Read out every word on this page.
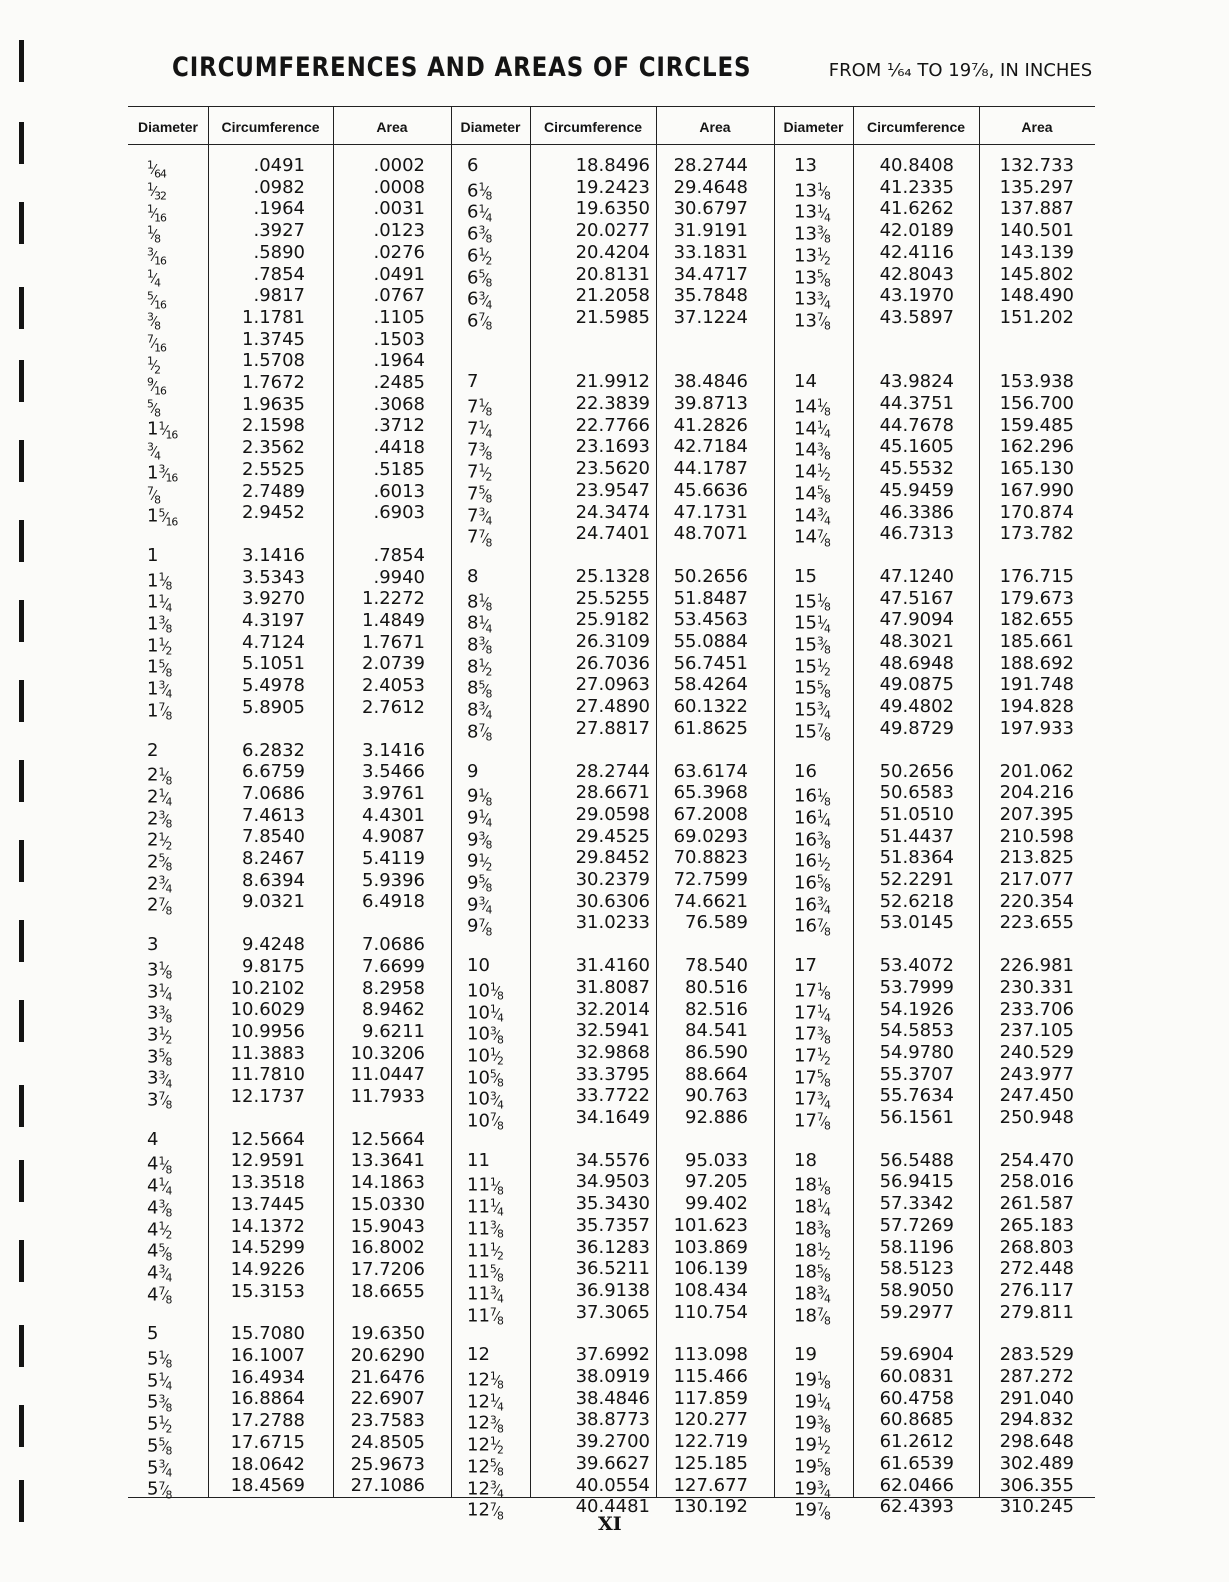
CIRCUMFERENCES AND AREAS OF CIRCLES	FROM ¹⁄₆₄ TO 19⁷⁄₈, IN INCHES
Diameter	Circumference	Area	Diameter	Circumference	Area	Diameter	Circumference	Area
$^1⁄_{64}$	.0491	.0002
$^1⁄_{32}$	.0982	.0008
$^1⁄_{16}$	.1964	.0031
$^1⁄_8$	.3927	.0123
$^3⁄_{16}$	.5890	.0276
$^1⁄_4$	.7854	.0491
$^5⁄_{16}$	.9817	.0767
$^3⁄_8$	1.1781	.1105
$^7⁄_{16}$	1.3745	.1503
$^1⁄_2$	1.5708	.1964
$^9⁄_{16}$	1.7672	.2485
$^5⁄_8$	1.9635	.3068
$1^1⁄_{16}$	2.1598	.3712
$^3⁄_4$	2.3562	.4418
$1^3⁄_{16}$	2.5525	.5185
$^7⁄_8$	2.7489	.6013
$1^5⁄_{16}$	2.9452	.6903
1	3.1416	.7854
$1^1⁄_8$	3.5343	.9940
$1^1⁄_4$	3.9270	1.2272
$1^3⁄_8$	4.3197	1.4849
$1^1⁄_2$	4.7124	1.7671
$1^5⁄_8$	5.1051	2.0739
$1^3⁄_4$	5.4978	2.4053
$1^7⁄_8$	5.8905	2.7612
2	6.2832	3.1416
$2^1⁄_8$	6.6759	3.5466
$2^1⁄_4$	7.0686	3.9761
$2^3⁄_8$	7.4613	4.4301
$2^1⁄_2$	7.8540	4.9087
$2^5⁄_8$	8.2467	5.4119
$2^3⁄_4$	8.6394	5.9396
$2^7⁄_8$	9.0321	6.4918
3	9.4248	7.0686
$3^1⁄_8$	9.8175	7.6699
$3^1⁄_4$	10.2102	8.2958
$3^3⁄_8$	10.6029	8.9462
$3^1⁄_2$	10.9956	9.6211
$3^5⁄_8$	11.3883	10.3206
$3^3⁄_4$	11.7810	11.0447
$3^7⁄_8$	12.1737	11.7933
4	12.5664	12.5664
$4^1⁄_8$	12.9591	13.3641
$4^1⁄_4$	13.3518	14.1863
$4^3⁄_8$	13.7445	15.0330
$4^1⁄_2$	14.1372	15.9043
$4^5⁄_8$	14.5299	16.8002
$4^3⁄_4$	14.9226	17.7206
$4^7⁄_8$	15.3153	18.6655
5	15.7080	19.6350
$5^1⁄_8$	16.1007	20.6290
$5^1⁄_4$	16.4934	21.6476
$5^3⁄_8$	16.8864	22.6907
$5^1⁄_2$	17.2788	23.7583
$5^5⁄_8$	17.6715	24.8505
$5^3⁄_4$	18.0642	25.9673
$5^7⁄_8$	18.4569	27.1086
6	18.8496	28.2744
$6^1⁄_8$	19.2423	29.4648
$6^1⁄_4$	19.6350	30.6797
$6^3⁄_8$	20.0277	31.9191
$6^1⁄_2$	20.4204	33.1831
$6^5⁄_8$	20.8131	34.4717
$6^3⁄_4$	21.2058	35.7848
$6^7⁄_8$	21.5985	37.1224
7	21.9912	38.4846
$7^1⁄_8$	22.3839	39.8713
$7^1⁄_4$	22.7766	41.2826
$7^3⁄_8$	23.1693	42.7184
$7^1⁄_2$	23.5620	44.1787
$7^5⁄_8$	23.9547	45.6636
$7^3⁄_4$	24.3474	47.1731
$7^7⁄_8$	24.7401	48.7071
8	25.1328	50.2656
$8^1⁄_8$	25.5255	51.8487
$8^1⁄_4$	25.9182	53.4563
$8^3⁄_8$	26.3109	55.0884
$8^1⁄_2$	26.7036	56.7451
$8^5⁄_8$	27.0963	58.4264
$8^3⁄_4$	27.4890	60.1322
$8^7⁄_8$	27.8817	61.8625
9	28.2744	63.6174
$9^1⁄_8$	28.6671	65.3968
$9^1⁄_4$	29.0598	67.2008
$9^3⁄_8$	29.4525	69.0293
$9^1⁄_2$	29.8452	70.8823
$9^5⁄_8$	30.2379	72.7599
$9^3⁄_4$	30.6306	74.6621
$9^7⁄_8$	31.0233	76.589
10	31.4160	78.540
$10^1⁄_8$	31.8087	80.516
$10^1⁄_4$	32.2014	82.516
$10^3⁄_8$	32.5941	84.541
$10^1⁄_2$	32.9868	86.590
$10^5⁄_8$	33.3795	88.664
$10^3⁄_4$	33.7722	90.763
$10^7⁄_8$	34.1649	92.886
11	34.5576	95.033
$11^1⁄_8$	34.9503	97.205
$11^1⁄_4$	35.3430	99.402
$11^3⁄_8$	35.7357	101.623
$11^1⁄_2$	36.1283	103.869
$11^5⁄_8$	36.5211	106.139
$11^3⁄_4$	36.9138	108.434
$11^7⁄_8$	37.3065	110.754
12	37.6992	113.098
$12^1⁄_8$	38.0919	115.466
$12^1⁄_4$	38.4846	117.859
$12^3⁄_8$	38.8773	120.277
$12^1⁄_2$	39.2700	122.719
$12^5⁄_8$	39.6627	125.185
$12^3⁄_4$	40.0554	127.677
$12^7⁄_8$	40.4481	130.192
13	40.8408	132.733
$13^1⁄_8$	41.2335	135.297
$13^1⁄_4$	41.6262	137.887
$13^3⁄_8$	42.0189	140.501
$13^1⁄_2$	42.4116	143.139
$13^5⁄_8$	42.8043	145.802
$13^3⁄_4$	43.1970	148.490
$13^7⁄_8$	43.5897	151.202
14	43.9824	153.938
$14^1⁄_8$	44.3751	156.700
$14^1⁄_4$	44.7678	159.485
$14^3⁄_8$	45.1605	162.296
$14^1⁄_2$	45.5532	165.130
$14^5⁄_8$	45.9459	167.990
$14^3⁄_4$	46.3386	170.874
$14^7⁄_8$	46.7313	173.782
15	47.1240	176.715
$15^1⁄_8$	47.5167	179.673
$15^1⁄_4$	47.9094	182.655
$15^3⁄_8$	48.3021	185.661
$15^1⁄_2$	48.6948	188.692
$15^5⁄_8$	49.0875	191.748
$15^3⁄_4$	49.4802	194.828
$15^7⁄_8$	49.8729	197.933
16	50.2656	201.062
$16^1⁄_8$	50.6583	204.216
$16^1⁄_4$	51.0510	207.395
$16^3⁄_8$	51.4437	210.598
$16^1⁄_2$	51.8364	213.825
$16^5⁄_8$	52.2291	217.077
$16^3⁄_4$	52.6218	220.354
$16^7⁄_8$	53.0145	223.655
17	53.4072	226.981
$17^1⁄_8$	53.7999	230.331
$17^1⁄_4$	54.1926	233.706
$17^3⁄_8$	54.5853	237.105
$17^1⁄_2$	54.9780	240.529
$17^5⁄_8$	55.3707	243.977
$17^3⁄_4$	55.7634	247.450
$17^7⁄_8$	56.1561	250.948
18	56.5488	254.470
$18^1⁄_8$	56.9415	258.016
$18^1⁄_4$	57.3342	261.587
$18^3⁄_8$	57.7269	265.183
$18^1⁄_2$	58.1196	268.803
$18^5⁄_8$	58.5123	272.448
$18^3⁄_4$	58.9050	276.117
$18^7⁄_8$	59.2977	279.811
19	59.6904	283.529
$19^1⁄_8$	60.0831	287.272
$19^1⁄_4$	60.4758	291.040
$19^3⁄_8$	60.8685	294.832
$19^1⁄_2$	61.2612	298.648
$19^5⁄_8$	61.6539	302.489
$19^3⁄_4$	62.0466	306.355
$19^7⁄_8$	62.4393	310.245
XI
